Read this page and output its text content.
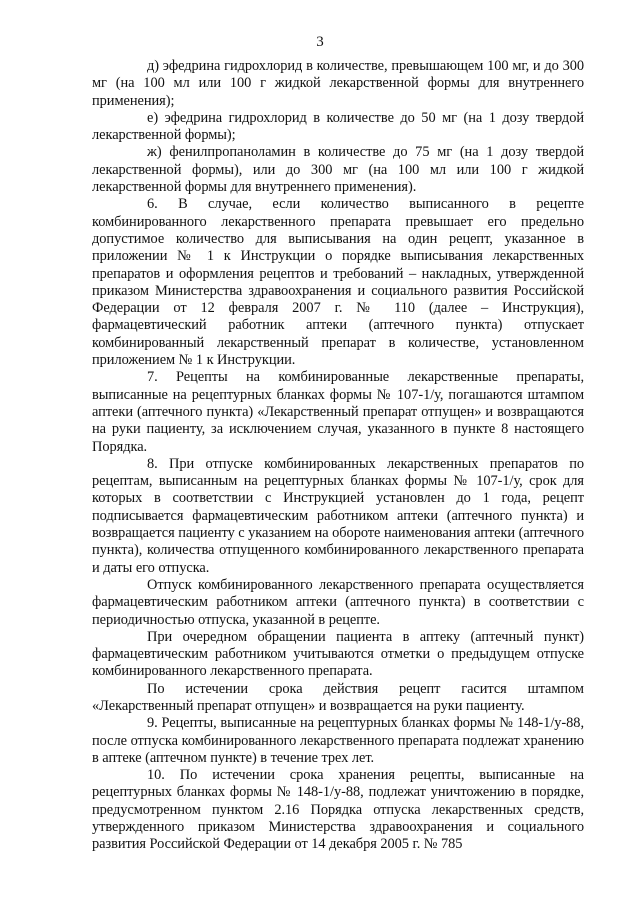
3

д) эфедрина гидрохлорид в количестве, превышающем 100 мг, и до 300 мг (на 100 мл или 100 г жидкой лекарственной формы для внутреннего применения);

е) эфедрина гидрохлорид в количестве до 50 мг (на 1 дозу твердой лекарственной формы);

ж) фенилпропаноламин в количестве до 75 мг (на 1 дозу твердой лекарственной формы), или до 300 мг (на 100 мл или 100 г жидкой лекарственной формы для внутреннего применения).

6. В случае, если количество выписанного в рецепте комбинированного лекарственного препарата превышает его предельно допустимое количество для выписывания на один рецепт, указанное в приложении № 1 к Инструкции о порядке выписывания лекарственных препаратов и оформления рецептов и требований – накладных, утвержденной приказом Министерства здравоохранения и социального развития Российской Федерации от 12 февраля 2007 г. № 110 (далее – Инструкция), фармацевтический работник аптеки (аптечного пункта) отпускает комбинированный лекарственный препарат в количестве, установленном приложением № 1 к Инструкции.

7. Рецепты на комбинированные лекарственные препараты, выписанные на рецептурных бланках формы № 107-1/у, погашаются штампом аптеки (аптечного пункта) «Лекарственный препарат отпущен» и возвращаются на руки пациенту, за исключением случая, указанного в пункте 8 настоящего Порядка.

8. При отпуске комбинированных лекарственных препаратов по рецептам, выписанным на рецептурных бланках формы № 107-1/у, срок для которых в соответствии с Инструкцией установлен до 1 года, рецепт подписывается фармацевтическим работником аптеки (аптечного пункта) и возвращается пациенту с указанием на обороте наименования аптеки (аптечного пункта), количества отпущенного комбинированного лекарственного препарата и даты его отпуска.

Отпуск комбинированного лекарственного препарата осуществляется фармацевтическим работником аптеки (аптечного пункта) в соответствии с периодичностью отпуска, указанной в рецепте.

При очередном обращении пациента в аптеку (аптечный пункт) фармацевтическим работником учитываются отметки о предыдущем отпуске комбинированного лекарственного препарата.

По истечении срока действия рецепт гасится штампом «Лекарственный препарат отпущен» и возвращается на руки пациенту.

9. Рецепты, выписанные на рецептурных бланках формы № 148-1/у-88, после отпуска комбинированного лекарственного препарата подлежат хранению в аптеке (аптечном пункте) в течение трех лет.

10. По истечении срока хранения рецепты, выписанные на рецептурных бланках формы № 148-1/у-88, подлежат уничтожению в порядке, предусмотренном пунктом 2.16 Порядка отпуска лекарственных средств, утвержденного приказом Министерства здравоохранения и социального развития Российской Федерации от 14 декабря 2005 г. № 785
